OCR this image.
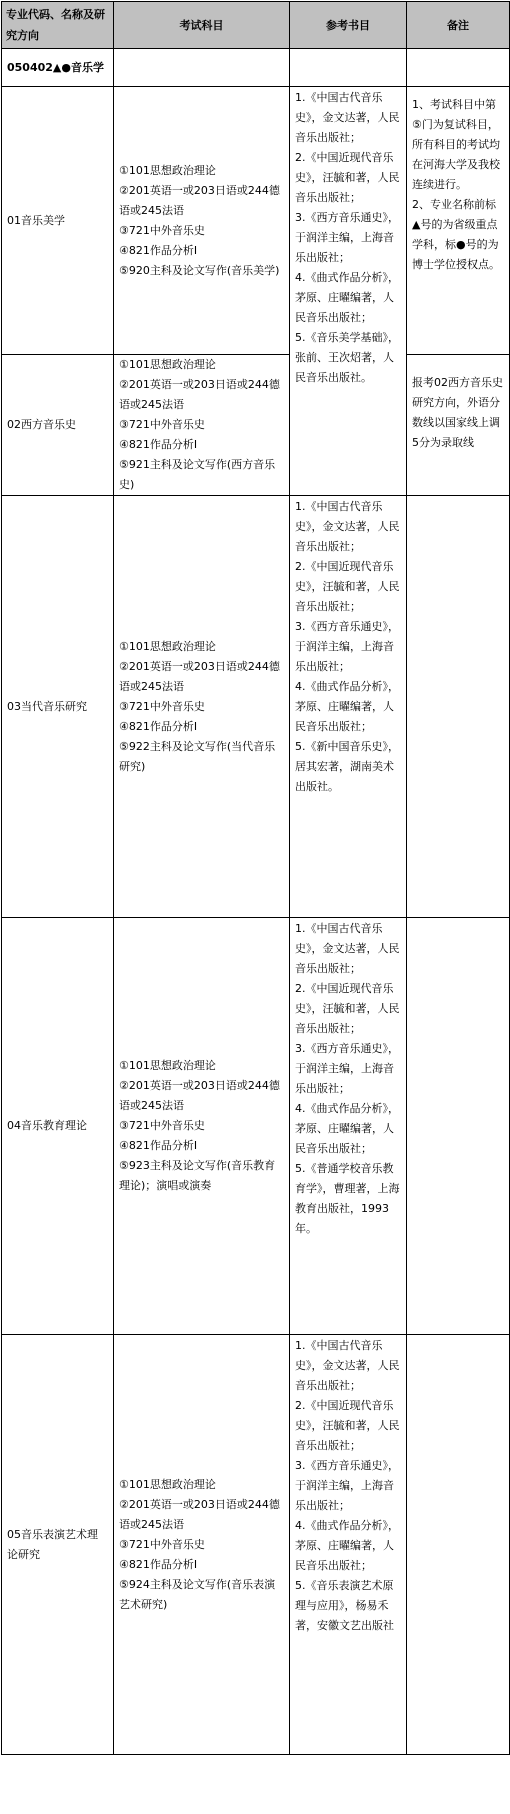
专业代码、名称及研究方向	考试科目	参考书目	备注
050402▲●音乐学			
01音乐美学	①101思想政治理论
②201英语一或203日语或244德语或245法语
③721中外音乐史
④821作品分析Ⅰ
⑤920主科及论文写作(音乐美学)	1.《中国古代音乐史》，金文达著，人民音乐出版社；
2.《中国近现代音乐史》，汪毓和著，人民音乐出版社；
3.《西方音乐通史》，于润洋主编，上海音乐出版社；
4.《曲式作品分析》，茅原、庄曜编著，人民音乐出版社；
5.《音乐美学基础》，张前、王次炤著，人民音乐出版社。	1、考试科目中第⑤门为复试科目，所有科目的考试均在河海大学及我校连续进行。
2、专业名称前标▲号的为省级重点学科，标●号的为博士学位授权点。
02西方音乐史	①101思想政治理论
②201英语一或203日语或244德语或245法语
③721中外音乐史
④821作品分析Ⅰ
⑤921主科及论文写作(西方音乐史)		报考02西方音乐史研究方向，外语分数线以国家线上调5分为录取线
03当代音乐研究	①101思想政治理论
②201英语一或203日语或244德语或245法语
③721中外音乐史
④821作品分析Ⅰ
⑤922主科及论文写作(当代音乐研究)	1.《中国古代音乐史》，金文达著，人民音乐出版社；
2.《中国近现代音乐史》，汪毓和著，人民音乐出版社；
3.《西方音乐通史》，于润洋主编，上海音乐出版社；
4.《曲式作品分析》，茅原、庄曜编著，人民音乐出版社；
5.《新中国音乐史》，居其宏著，湖南美术出版社。	
04音乐教育理论	①101思想政治理论
②201英语一或203日语或244德语或245法语
③721中外音乐史
④821作品分析Ⅰ
⑤923主科及论文写作(音乐教育理论)；演唱或演奏	1.《中国古代音乐史》，金文达著，人民音乐出版社；
2.《中国近现代音乐史》，汪毓和著，人民音乐出版社；
3.《西方音乐通史》，于润洋主编，上海音乐出版社；
4.《曲式作品分析》，茅原、庄曜编著，人民音乐出版社；
5.《普通学校音乐教育学》，曹理著，上海教育出版社，1993年。	
05音乐表演艺术理论研究	①101思想政治理论
②201英语一或203日语或244德语或245法语
③721中外音乐史
④821作品分析Ⅰ
⑤924主科及论文写作(音乐表演艺术研究)	1.《中国古代音乐史》，金文达著，人民音乐出版社；
2.《中国近现代音乐史》，汪毓和著，人民音乐出版社；
3.《西方音乐通史》，于润洋主编，上海音乐出版社；
4.《曲式作品分析》，茅原、庄曜编著，人民音乐出版社；
5.《音乐表演艺术原理与应用》，杨易禾著，安徽文艺出版社	
